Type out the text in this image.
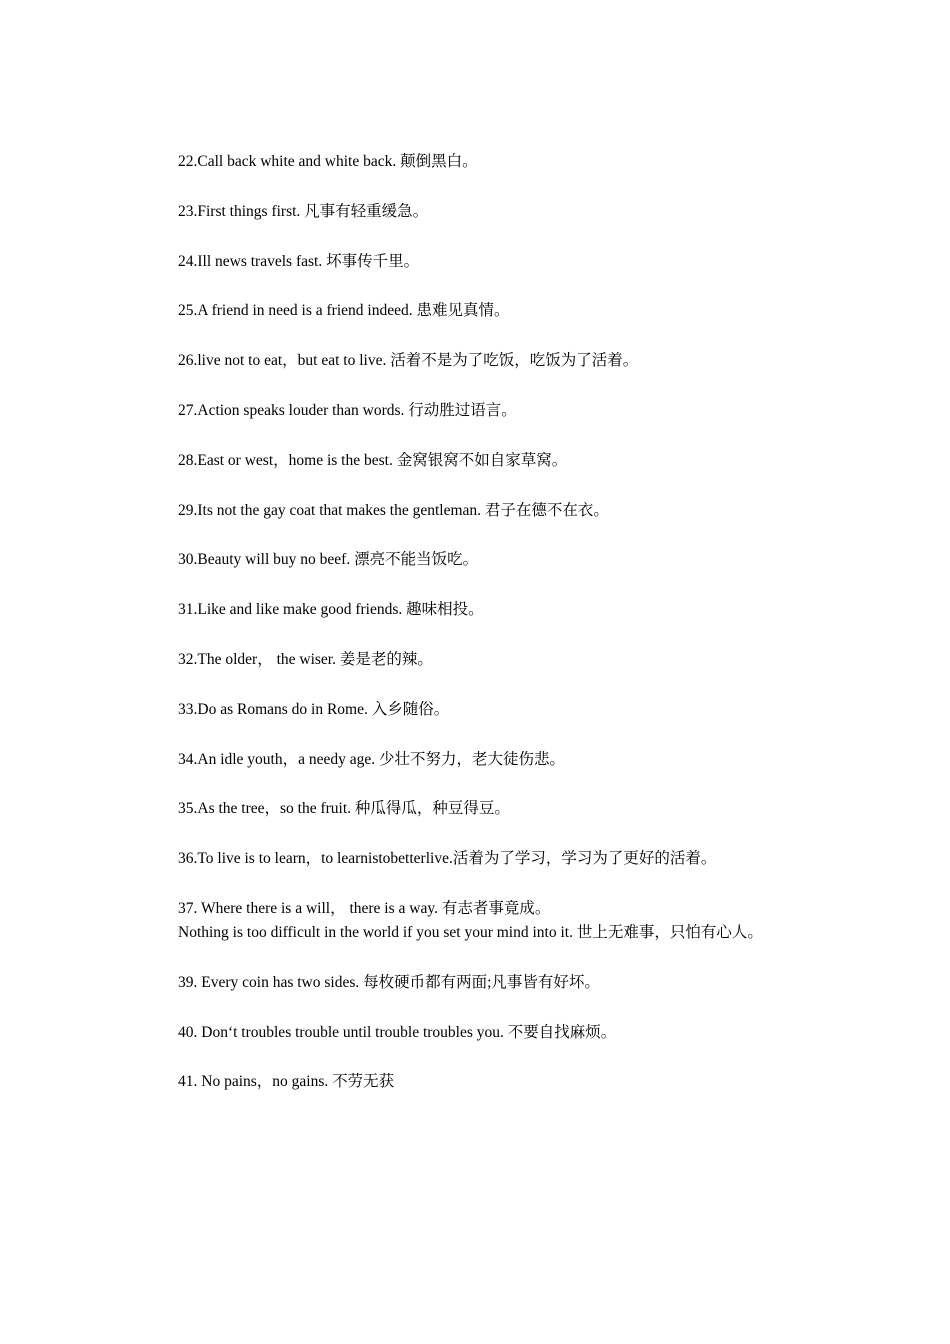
22.Call back white and white back. 颠倒黑白。

23.First things first. 凡事有轻重缓急。

24.Ill news travels fast. 坏事传千里。

25.A friend in need is a friend indeed. 患难见真情。

26.live not to eat，but eat to live. 活着不是为了吃饭，吃饭为了活着。

27.Action speaks louder than words. 行动胜过语言。

28.East or west，home is the best. 金窝银窝不如自家草窝。

29.Its not the gay coat that makes the gentleman. 君子在德不在衣。

30.Beauty will buy no beef. 漂亮不能当饭吃。

31.Like and like make good friends. 趣味相投。

32.The older， the wiser. 姜是老的辣。

33.Do as Romans do in Rome. 入乡随俗。

34.An idle youth，a needy age. 少壮不努力，老大徒伤悲。

35.As the tree，so the fruit. 种瓜得瓜，种豆得豆。

36.To live is to learn，to learnistobetterlive.活着为了学习，学习为了更好的活着。

37. Where there is a will， there is a way. 有志者事竟成。
Nothing is too difficult in the world if you set your mind into it. 世上无难事，只怕有心人。

39. Every coin has two sides. 每枚硬币都有两面;凡事皆有好坏。

40. Don‘t troubles trouble until trouble troubles you. 不要自找麻烦。

41. No pains，no gains. 不劳无获
